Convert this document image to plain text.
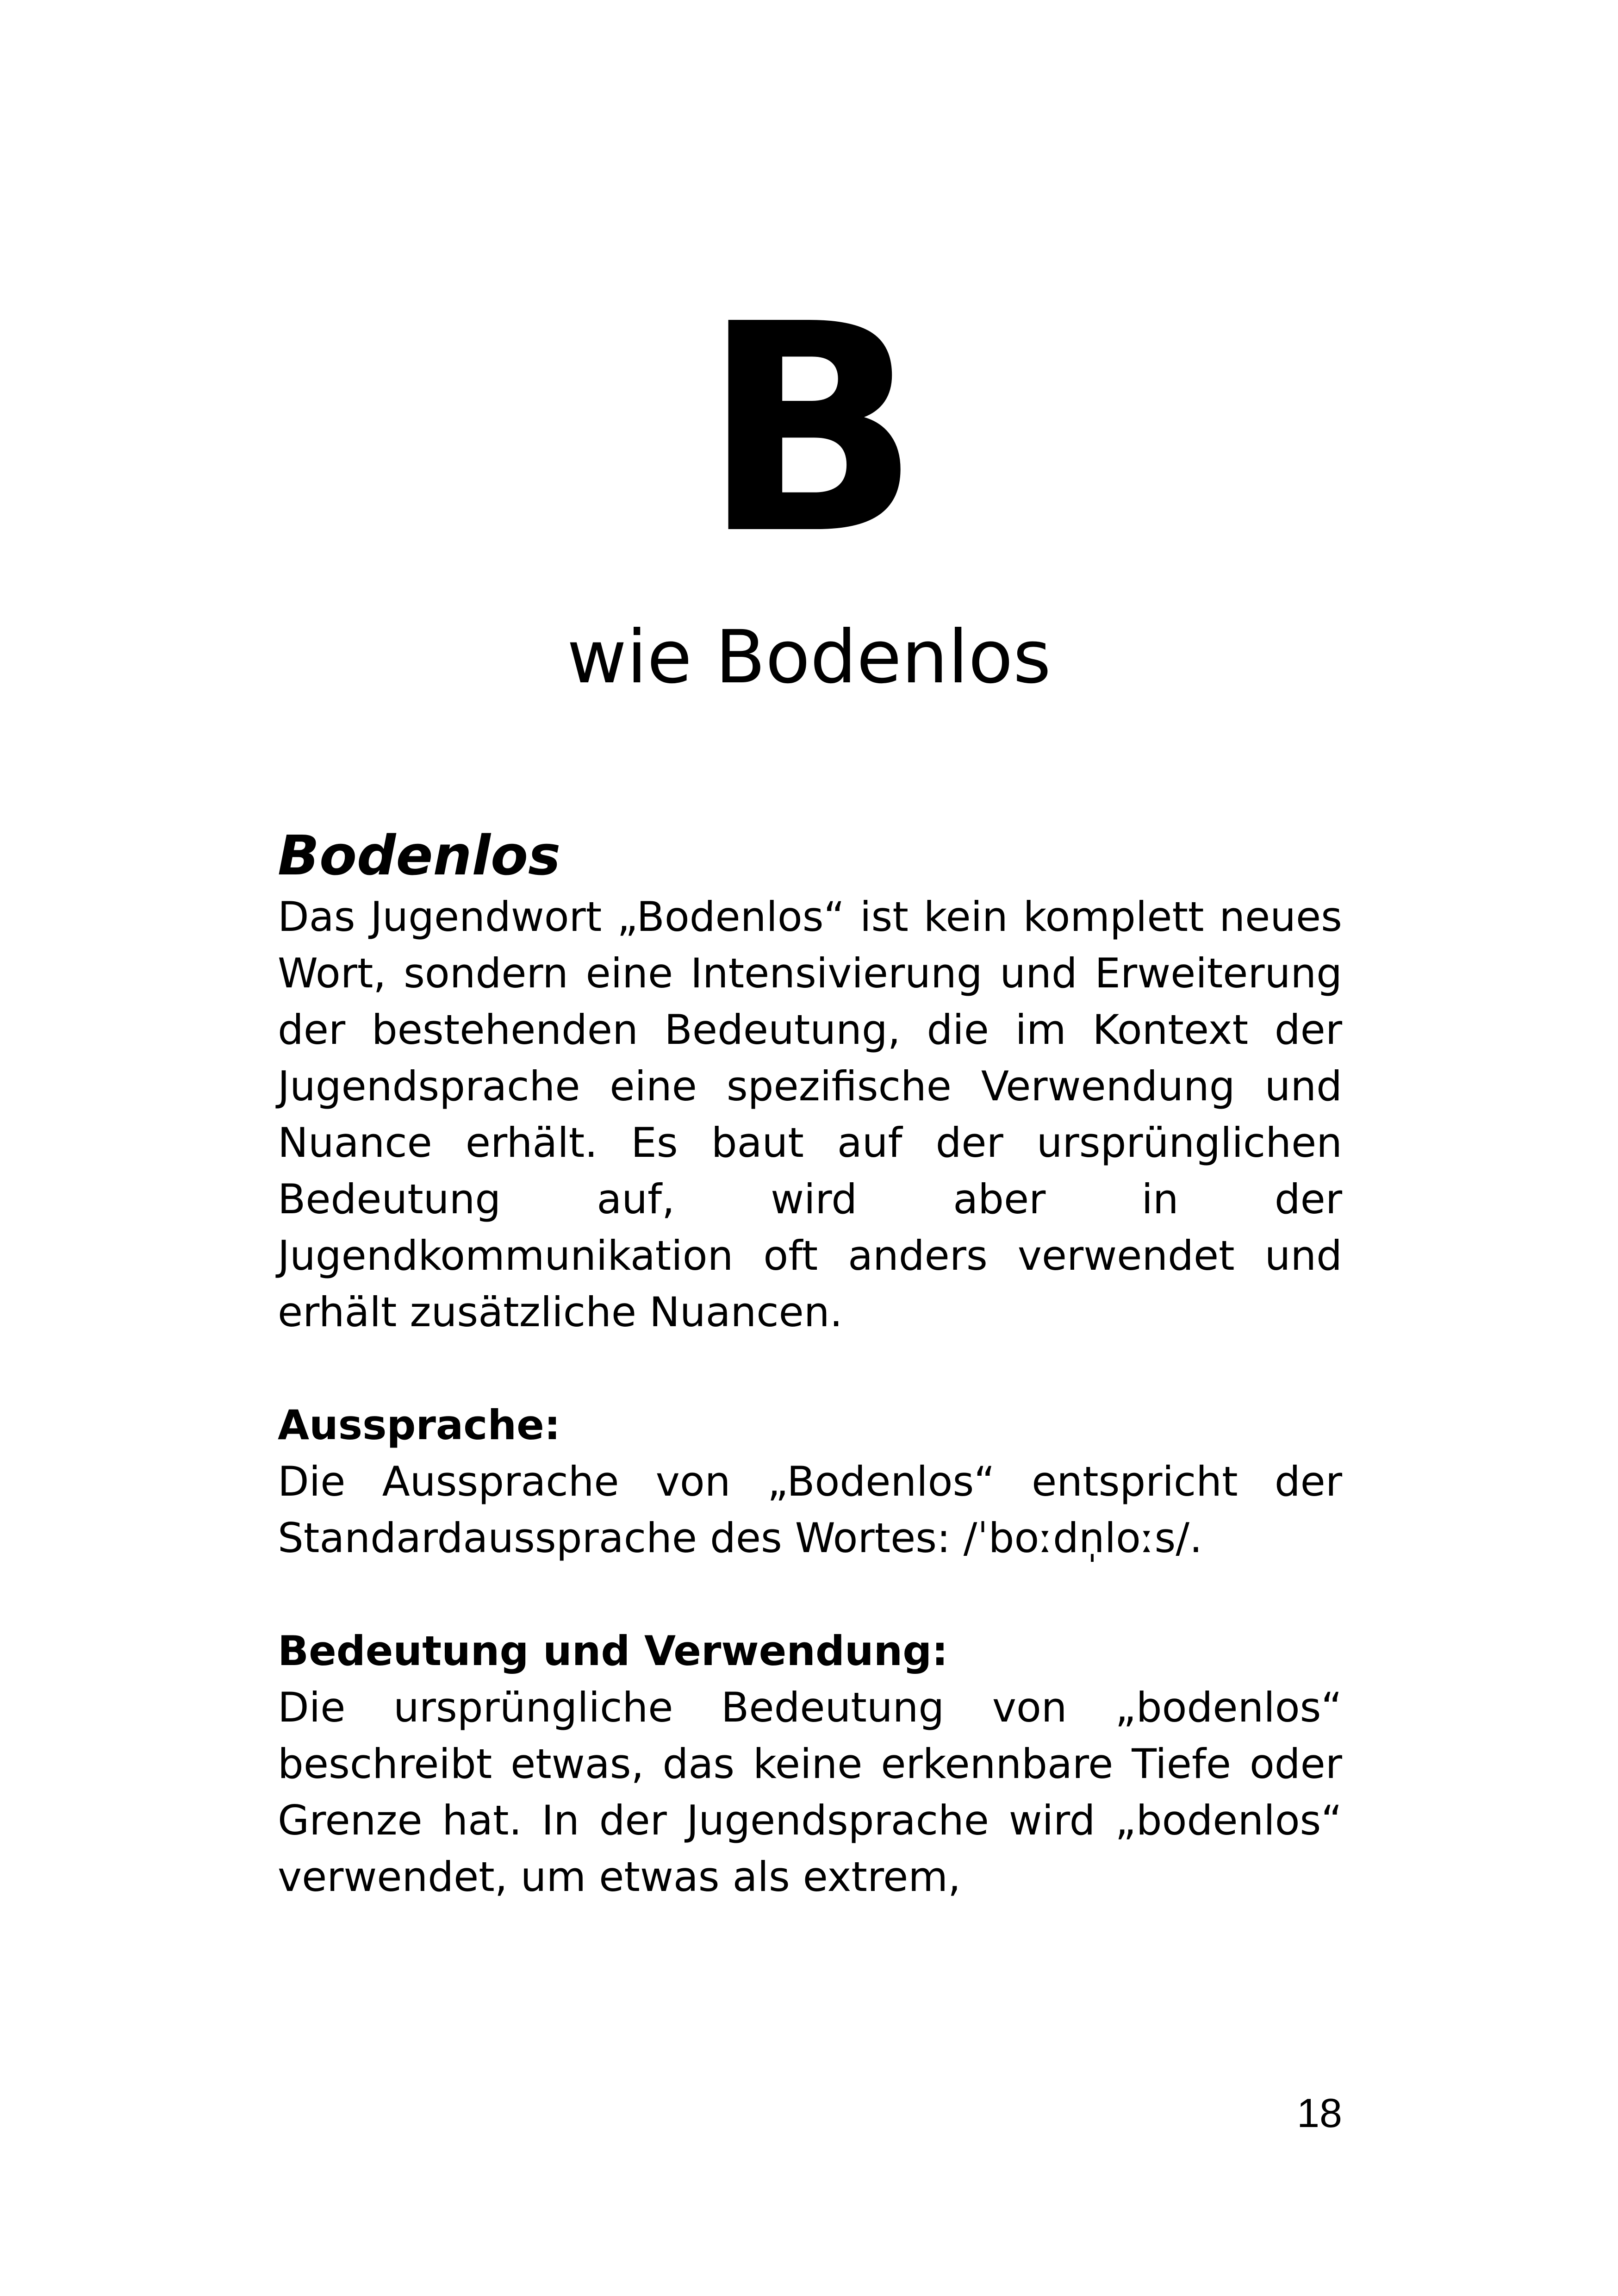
B
wie Bodenlos
Bodenlos

Das Jugendwort „Bodenlos“ ist kein komplett neues Wort, sondern eine Intensivierung und Erweiterung der bestehenden Bedeutung, die im Kontext der Jugendsprache eine spezifische Verwendung und Nuance erhält. Es baut auf der ursprünglichen Bedeutung auf, wird aber in der Jugendkommunikation oft anders verwendet und erhält zusätzliche Nuancen.

Aussprache:

Die Aussprache von „Bodenlos“ entspricht der Standardaussprache des Wortes: /ˈboːdn̩loːs/.

Bedeutung und Verwendung:

Die ursprüngliche Bedeutung von „bodenlos“ beschreibt etwas, das keine erkennbare Tiefe oder Grenze hat. In der Jugendsprache wird „bodenlos“ verwendet, um etwas als extrem,

18
